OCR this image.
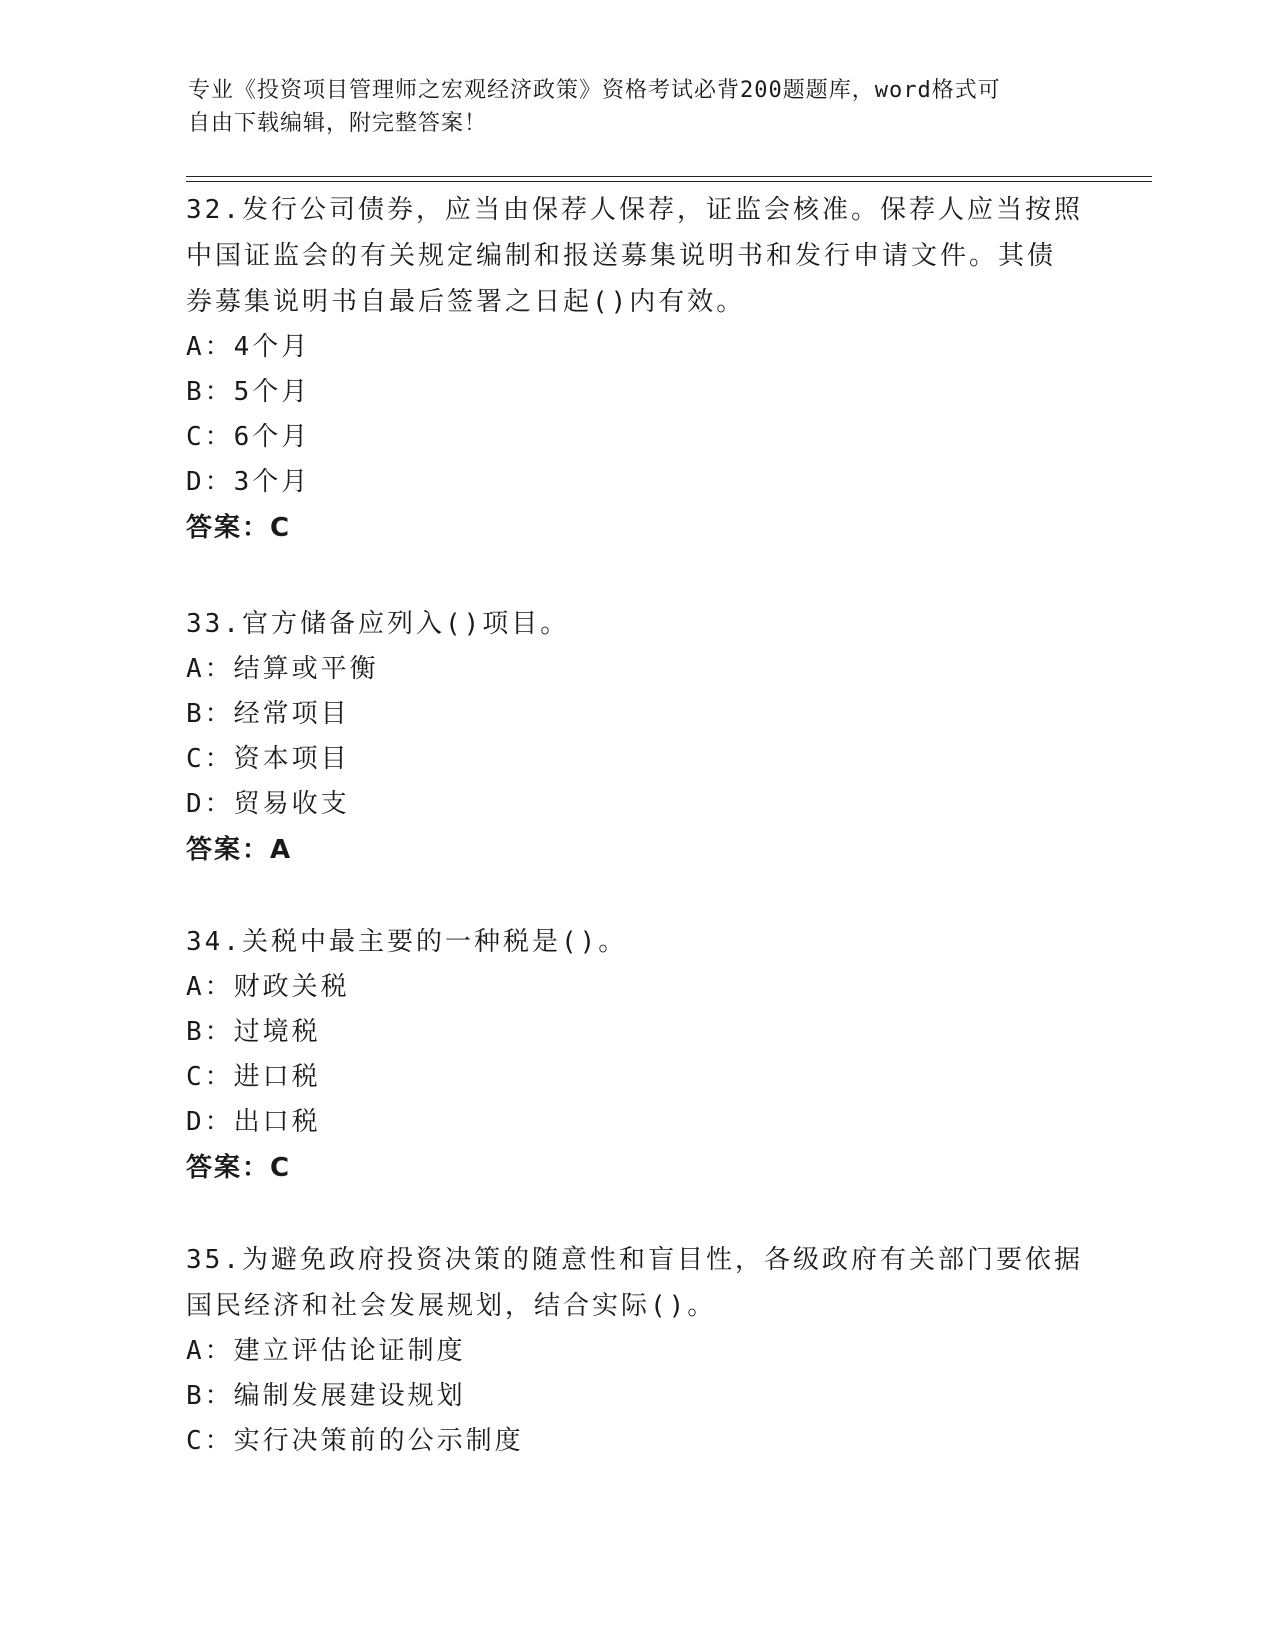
专业《投资项目管理师之宏观经济政策》资格考试必背200题题库，word格式可
自由下载编辑，附完整答案！

32.发行公司债券，应当由保荐人保荐，证监会核准。保荐人应当按照

中国证监会的有关规定编制和报送募集说明书和发行申请文件。其债

券募集说明书自最后签署之日起()内有效。

A：4个月

B：5个月

C：6个月

D：3个月

答案：C

33.官方储备应列入()项目。

A：结算或平衡

B：经常项目

C：资本项目

D：贸易收支

答案：A

34.关税中最主要的一种税是()。

A：财政关税

B：过境税

C：进口税

D：出口税

答案：C

35.为避免政府投资决策的随意性和盲目性，各级政府有关部门要依据

国民经济和社会发展规划，结合实际()。

A：建立评估论证制度

B：编制发展建设规划

C：实行决策前的公示制度
